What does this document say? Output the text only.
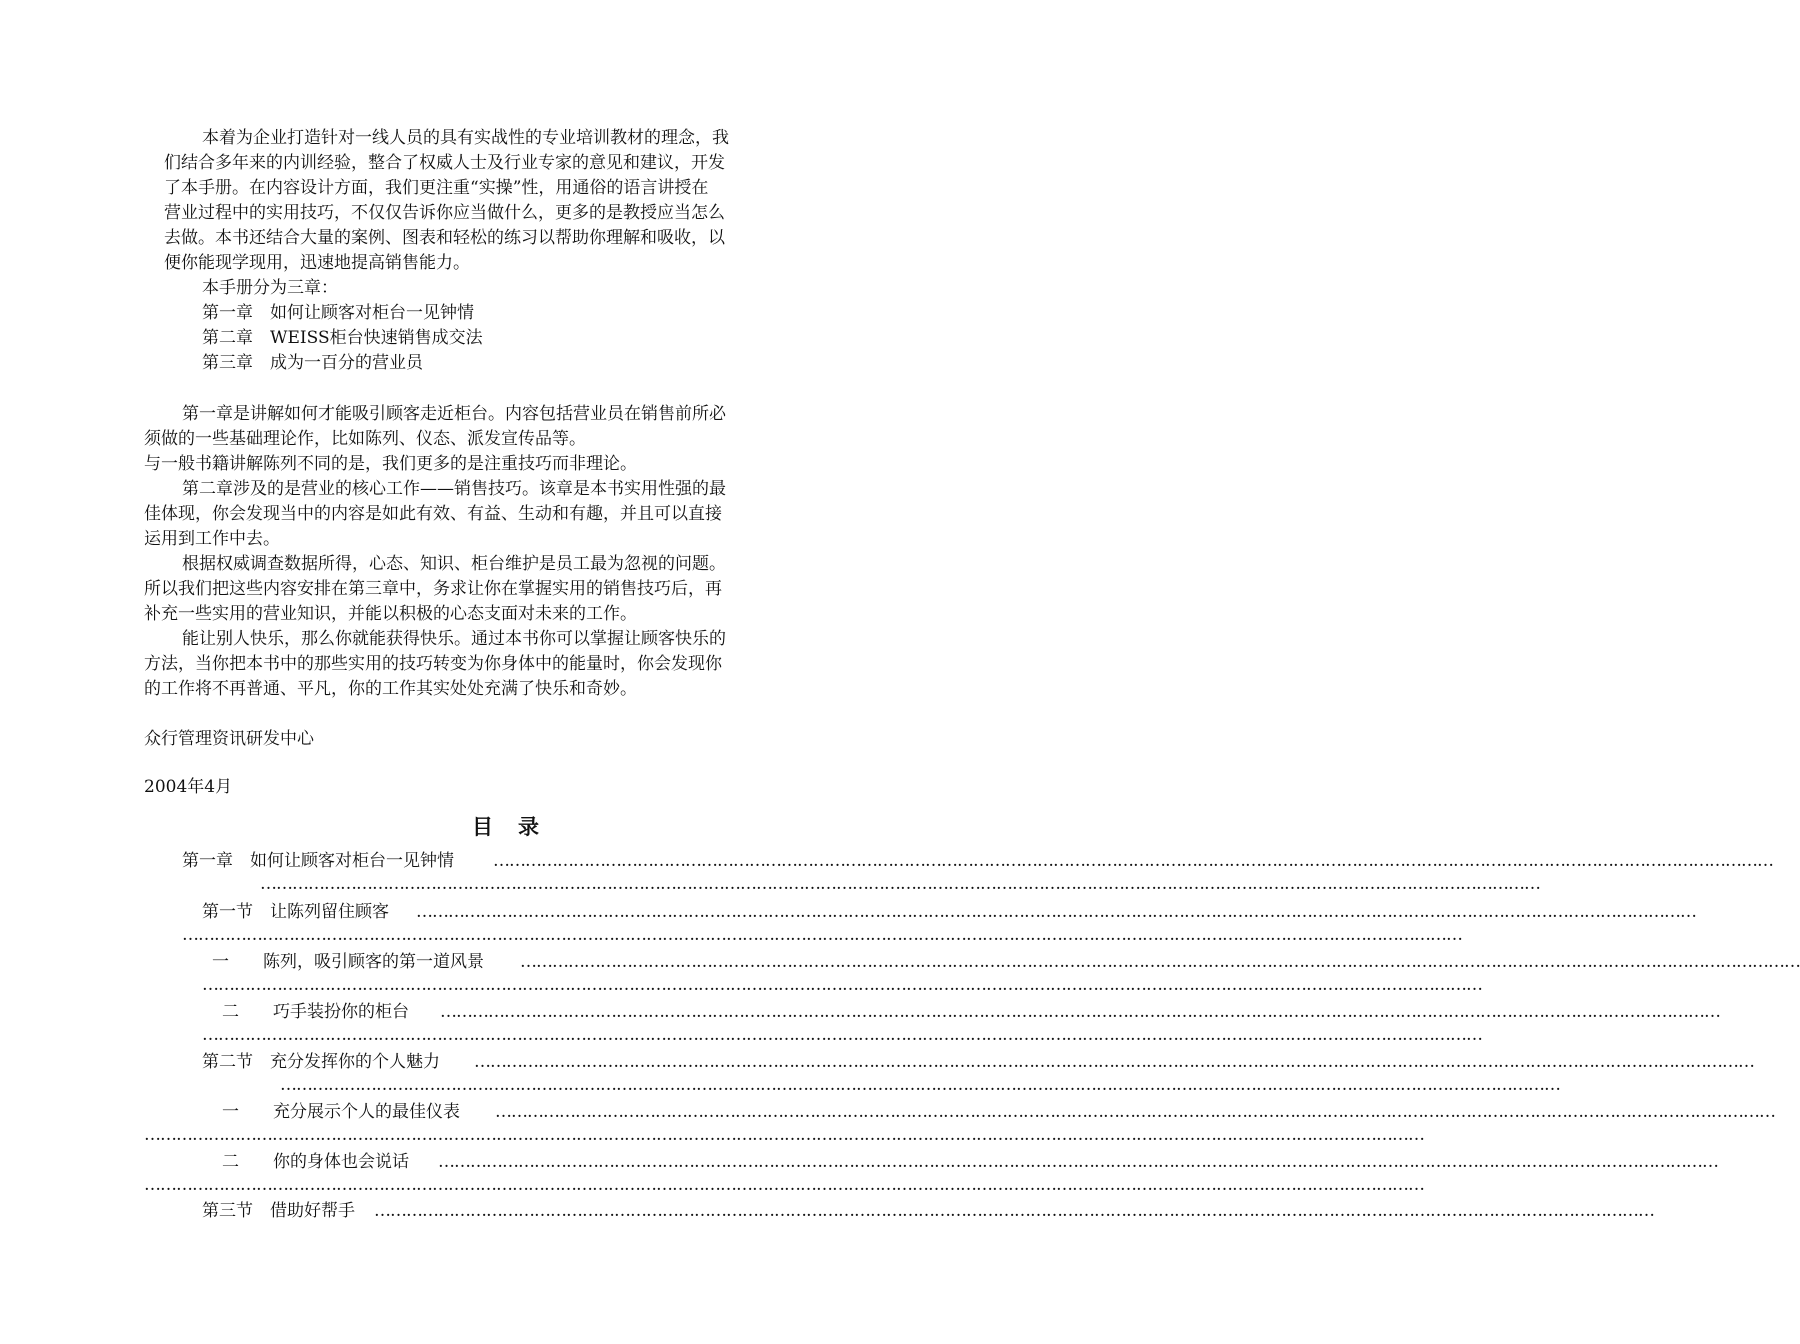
本着为企业打造针对一线人员的具有实战性的专业培训教材的理念，我

们结合多年来的内训经验，整合了权威人士及行业专家的意见和建议，开发

了本手册。在内容设计方面，我们更注重“实操”性，用通俗的语言讲授在

营业过程中的实用技巧，不仅仅告诉你应当做什么，更多的是教授应当怎么

去做。本书还结合大量的案例、图表和轻松的练习以帮助你理解和吸收，以

便你能现学现用，迅速地提高销售能力。

本手册分为三章：

第一章　如何让顾客对柜台一见钟情

第二章　WEISS柜台快速销售成交法

第三章　成为一百分的营业员

第一章是讲解如何才能吸引顾客走近柜台。内容包括营业员在销售前所必

须做的一些基础理论作，比如陈列、仪态、派发宣传品等。

与一般书籍讲解陈列不同的是，我们更多的是注重技巧而非理论。

第二章涉及的是营业的核心工作——销售技巧。该章是本书实用性强的最

佳体现，你会发现当中的内容是如此有效、有益、生动和有趣，并且可以直接

运用到工作中去。

根据权威调查数据所得，心态、知识、柜台维护是员工最为忽视的问题。

所以我们把这些内容安排在第三章中，务求让你在掌握实用的销售技巧后，再

补充一些实用的营业知识，并能以积极的心态支面对未来的工作。

能让别人快乐，那么你就能获得快乐。通过本书你可以掌握让顾客快乐的

方法，当你把本书中的那些实用的技巧转变为你身体中的能量时，你会发现你

的工作将不再普通、平凡，你的工作其实处处充满了快乐和奇妙。

众行管理资讯研发中心

2004年4月

目　录

第一章　如何让顾客对柜台一见钟情 ……………………………………………………………………………………………………………………………………………………………………………………………………………………
……………………………………………………………………………………………………………………………………………………………………………………………………………………

第一节　让陈列留住顾客 ……………………………………………………………………………………………………………………………………………………………………………………………………………………
……………………………………………………………………………………………………………………………………………………………………………………………………………………

一　　陈列，吸引顾客的第一道风景 ……………………………………………………………………………………………………………………………………………………………………………………………………………………
……………………………………………………………………………………………………………………………………………………………………………………………………………………

二　　巧手装扮你的柜台 ……………………………………………………………………………………………………………………………………………………………………………………………………………………
……………………………………………………………………………………………………………………………………………………………………………………………………………………

第二节　充分发挥你的个人魅力 ……………………………………………………………………………………………………………………………………………………………………………………………………………………
……………………………………………………………………………………………………………………………………………………………………………………………………………………

一　　充分展示个人的最佳仪表 ……………………………………………………………………………………………………………………………………………………………………………………………………………………
……………………………………………………………………………………………………………………………………………………………………………………………………………………

二　　你的身体也会说话 ……………………………………………………………………………………………………………………………………………………………………………………………………………………
……………………………………………………………………………………………………………………………………………………………………………………………………………………

第三节　借助好帮手 ……………………………………………………………………………………………………………………………………………………………………………………………………………………
